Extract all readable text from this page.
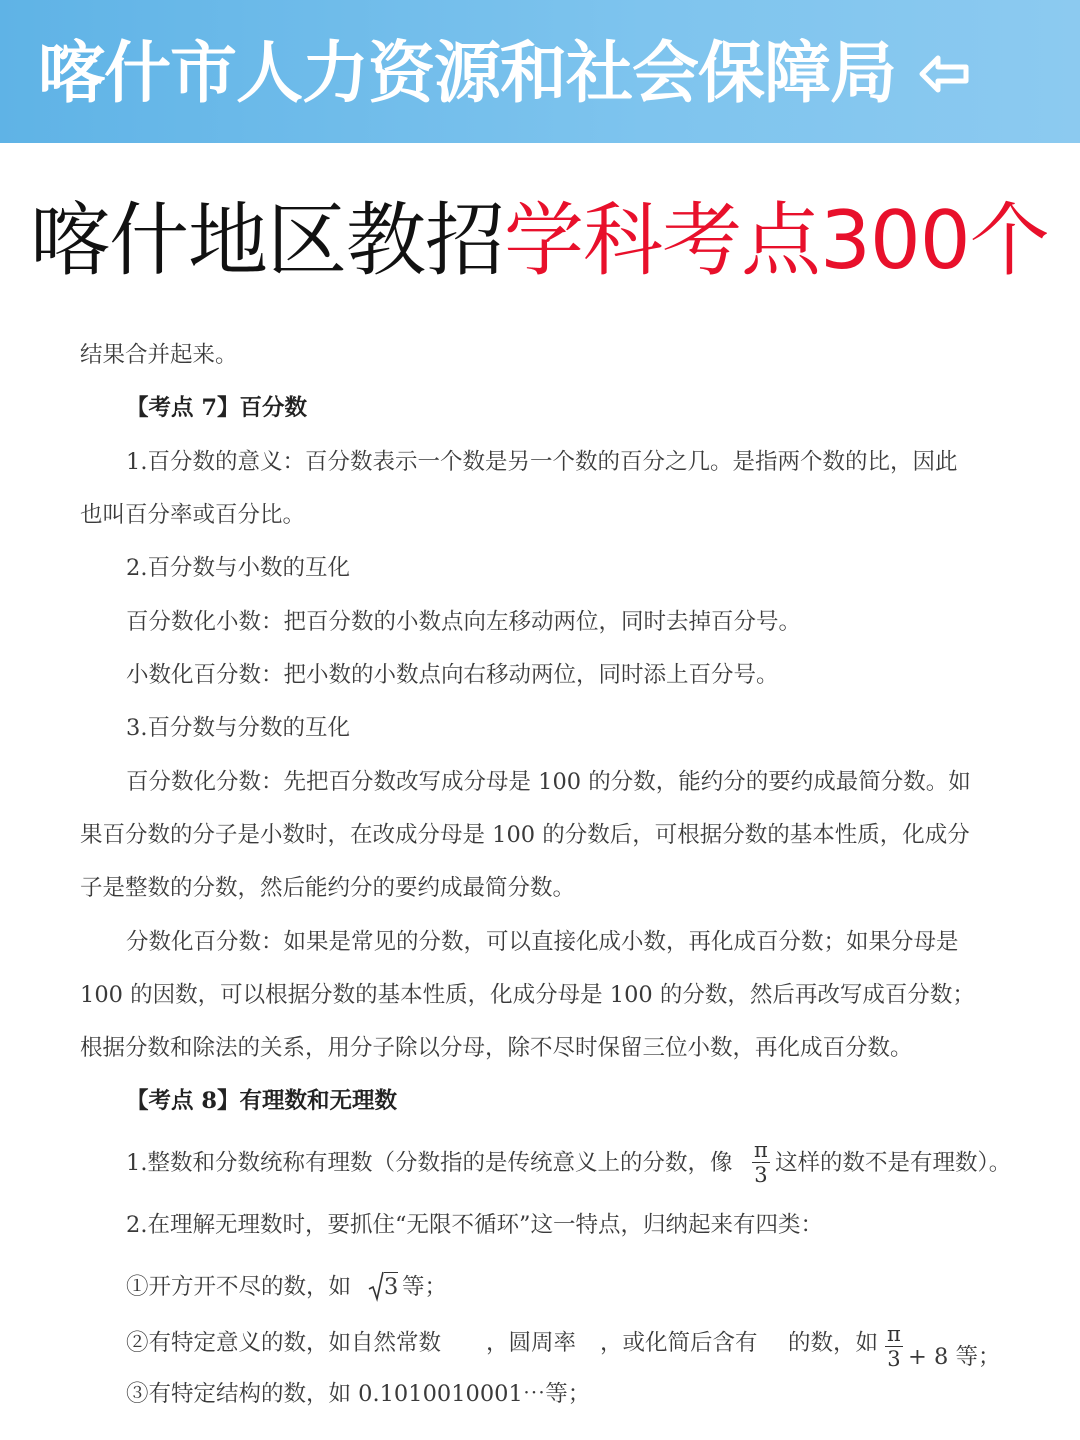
喀什市人力资源和社会保障局
喀什地区教招学科考点300个
结果合并起来。
【考点 7】百分数
1.百分数的意义：百分数表示一个数是另一个数的百分之几。是指两个数的比，因此
也叫百分率或百分比。
2.百分数与小数的互化
百分数化小数：把百分数的小数点向左移动两位，同时去掉百分号。
小数化百分数：把小数的小数点向右移动两位，同时添上百分号。
3.百分数与分数的互化
百分数化分数：先把百分数改写成分母是 100 的分数，能约分的要约成最简分数。如
果百分数的分子是小数时，在改成分母是 100 的分数后，可根据分数的基本性质，化成分
子是整数的分数，然后能约分的要约成最简分数。
分数化百分数：如果是常见的分数，可以直接化成小数，再化成百分数；如果分母是
100 的因数，可以根据分数的基本性质，化成分母是 100 的分数，然后再改写成百分数；
根据分数和除法的关系，用分子除以分母，除不尽时保留三位小数，再化成百分数。
【考点 8】有理数和无理数
1.整数和分数统称有理数（分数指的是传统意义上的分数，像 $\frac{\pi}{3}$ 这样的数不是有理数）。
2.在理解无理数时，要抓住“无限不循环”这一特点，归纳起来有四类：
①开方开不尽的数，如 3 等；
②有特定意义的数，如自然常数 ，圆周率 ，或化简后含有 的数，如 $\frac{\pi}{3} + 8$ 等；
③有特定结构的数，如 0.1010010001⋯等；
